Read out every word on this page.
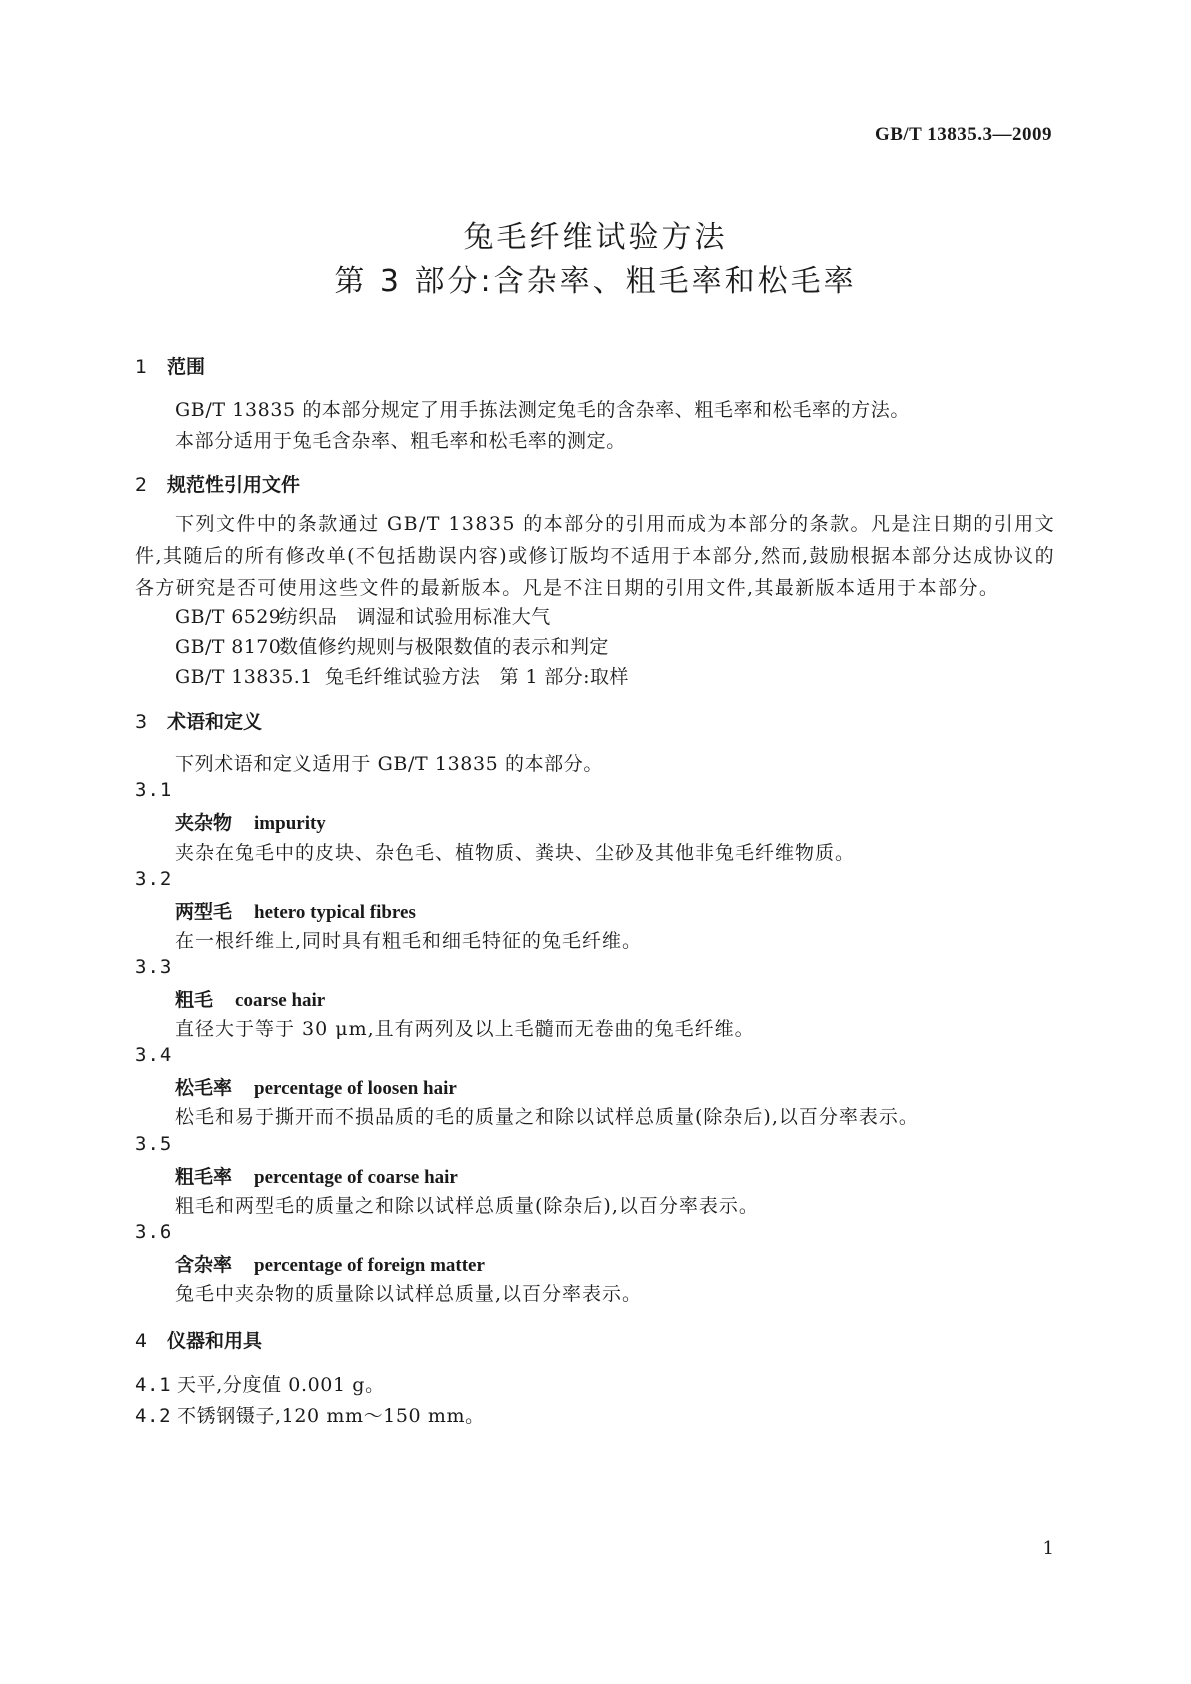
GB/T 13835.3—2009
兔毛纤维试验方法
第 3 部分:含杂率、粗毛率和松毛率
1 范围
GB/T 13835 的本部分规定了用手拣法测定兔毛的含杂率、粗毛率和松毛率的方法。
本部分适用于兔毛含杂率、粗毛率和松毛率的测定。
2 规范性引用文件
下列文件中的条款通过 GB/T 13835 的本部分的引用而成为本部分的条款。凡是注日期的引用文件,其随后的所有修改单(不包括勘误内容)或修订版均不适用于本部分,然而,鼓励根据本部分达成协议的各方研究是否可使用这些文件的最新版本。凡是不注日期的引用文件,其最新版本适用于本部分。
GB/T 6529纺织品　调湿和试验用标准大气
GB/T 8170数值修约规则与极限数值的表示和判定
GB/T 13835.1 兔毛纤维试验方法　第 1 部分:取样
3 术语和定义
下列术语和定义适用于 GB/T 13835 的本部分。
3.1
夹杂物 impurity
夹杂在兔毛中的皮块、杂色毛、植物质、粪块、尘砂及其他非兔毛纤维物质。
3.2
两型毛 hetero typical fibres
在一根纤维上,同时具有粗毛和细毛特征的兔毛纤维。
3.3
粗毛 coarse hair
直径大于等于 30 μm,且有两列及以上毛髓而无卷曲的兔毛纤维。
3.4
松毛率 percentage of loosen hair
松毛和易于撕开而不损品质的毛的质量之和除以试样总质量(除杂后),以百分率表示。
3.5
粗毛率 percentage of coarse hair
粗毛和两型毛的质量之和除以试样总质量(除杂后),以百分率表示。
3.6
含杂率 percentage of foreign matter
兔毛中夹杂物的质量除以试样总质量,以百分率表示。
4 仪器和用具
4.1 天平,分度值 0.001 g。
4.2 不锈钢镊子,120 mm～150 mm。
1
